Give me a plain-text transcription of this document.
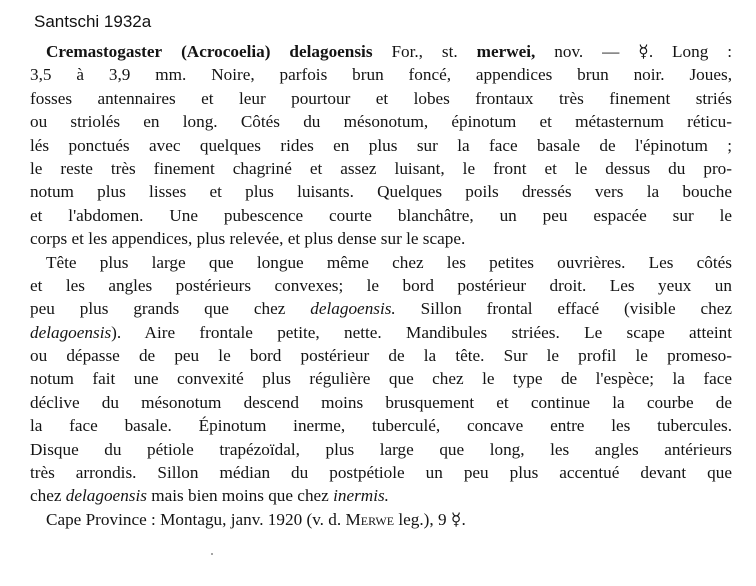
Santschi 1932a
Cremastogaster (Acrocoelia) delagoensis For., st. merwei, nov. — ☿. Long :
3,5 à 3,9 mm. Noire, parfois brun foncé, appendices brun noir. Joues,
fosses antennaires et leur pourtour et lobes frontaux très finement striés
ou striolés en long. Côtés du mésonotum, épinotum et métasternum réticu-
lés ponctués avec quelques rides en plus sur la face basale de l'épinotum ;
le reste très finement chagriné et assez luisant, le front et le dessus du pro-
notum plus lisses et plus luisants. Quelques poils dressés vers la bouche
et l'abdomen. Une pubescence courte blanchâtre, un peu espacée sur le
corps et les appendices, plus relevée, et plus dense sur le scape.
Tête plus large que longue même chez les petites ouvrières. Les côtés
et les angles postérieurs convexes; le bord postérieur droit. Les yeux un
peu plus grands que chez delagoensis. Sillon frontal effacé (visible chez
delagoensis). Aire frontale petite, nette. Mandibules striées. Le scape atteint
ou dépasse de peu le bord postérieur de la tête. Sur le profil le promeso-
notum fait une convexité plus régulière que chez le type de l'espèce; la face
déclive du mésonotum descend moins brusquement et continue la courbe de
la face basale. Épinotum inerme, tuberculé, concave entre les tubercules.
Disque du pétiole trapézoïdal, plus large que long, les angles antérieurs
très arrondis. Sillon médian du postpétiole un peu plus accentué devant que
chez delagoensis mais bien moins que chez inermis.
Cape Province : Montagu, janv. 1920 (v. d. Merwe leg.), 9 ☿.
